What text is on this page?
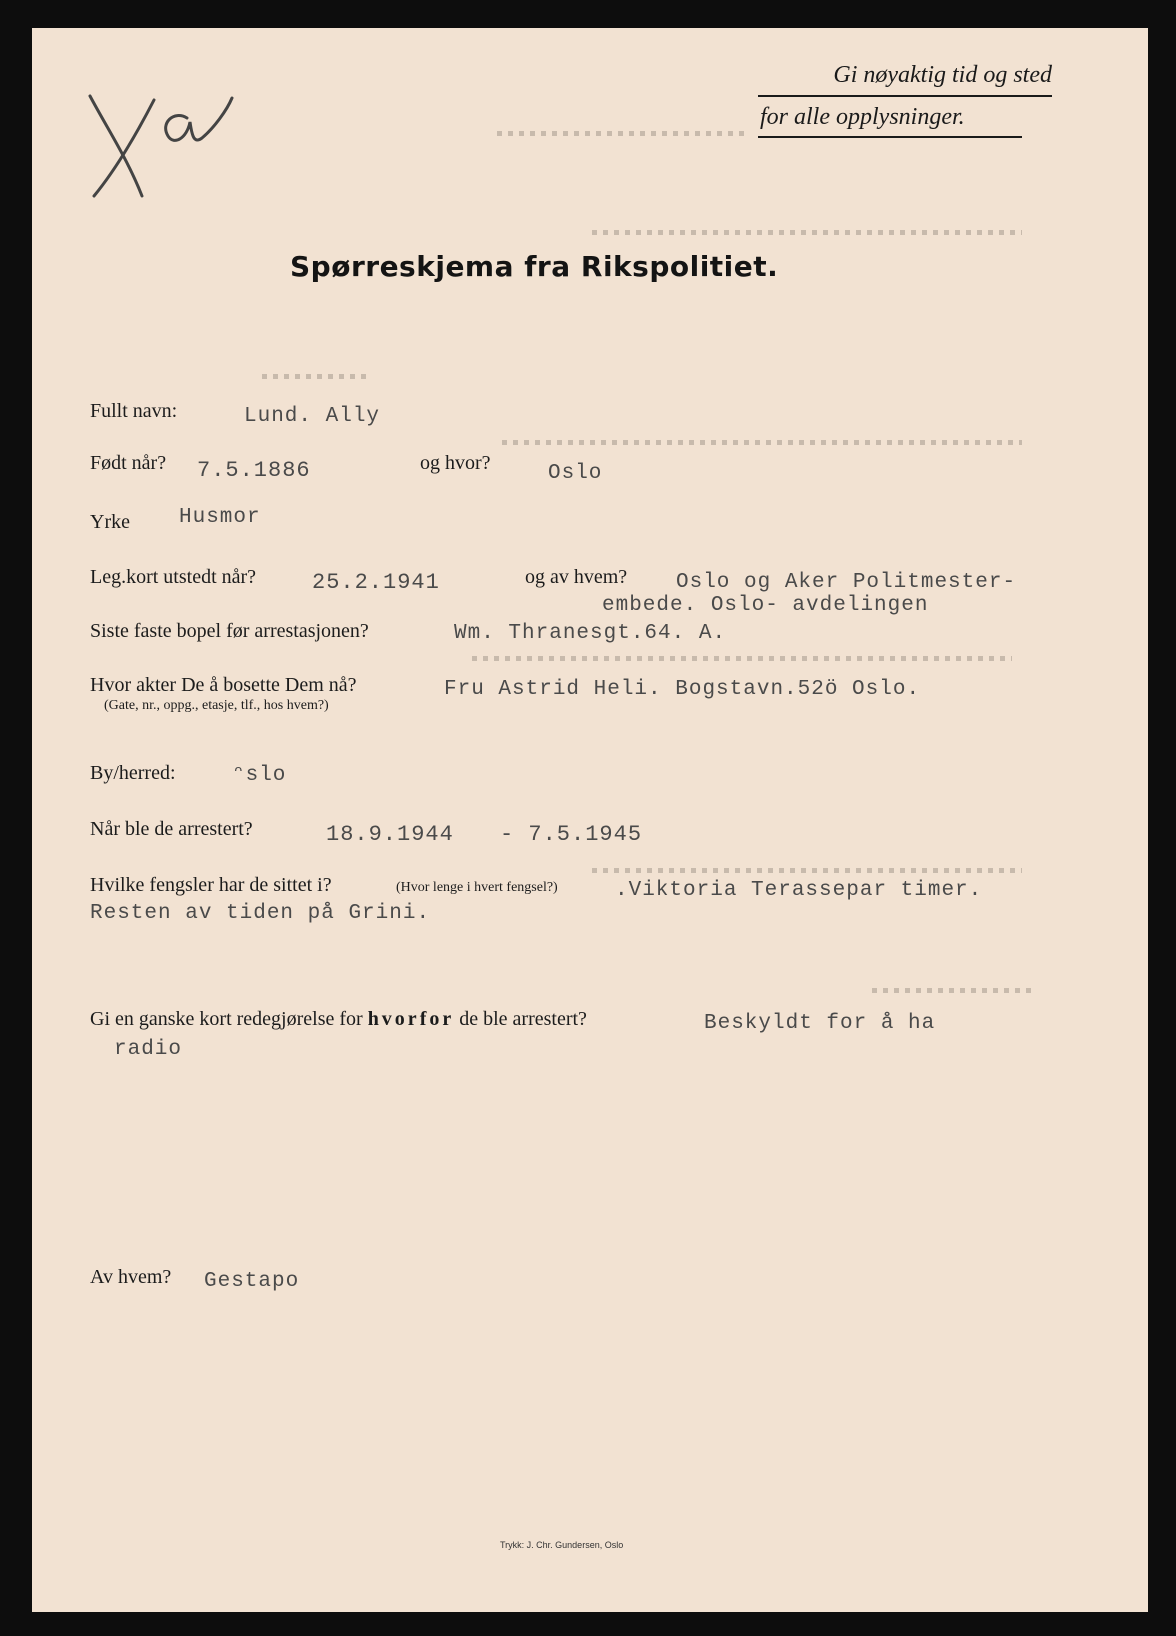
Gi nøyaktig tid og sted
for alle opplysninger.
Spørreskjema fra Rikspolitiet.
Fullt navn:	Lund. Ally
Født når? 7.5.1886	og hvor?	Oslo
Yrke Husmor
Leg.kort utstedt når?	25.2.1941	og av hvem? Oslo og Aker Politmester-
embede. Oslo- avdelingen
Siste faste bopel før arrestasjonen?	Wm. Thranesgt.64. A.
Hvor akter De å bosette Dem nå?
(Gate, nr., oppg., etasje, tlf., hos hvem?)
Fru Astrid Heli. Bogstavn.52ö Oslo.
By/herred:	ᵔslo
Når ble de arrestert?	18.9.1944 - 7.5.1945
Hvilke fengsler har de sittet i?	(Hvor lenge i hvert fengsel?)	.Viktoria Terassepar timer.
Resten av tiden på Grini.
Gi en ganske kort redegjørelse for hvorfor de ble arrestert?	Beskyldt for å ha
radio
Av hvem? Gestapo
Trykk: J. Chr. Gundersen, Oslo
